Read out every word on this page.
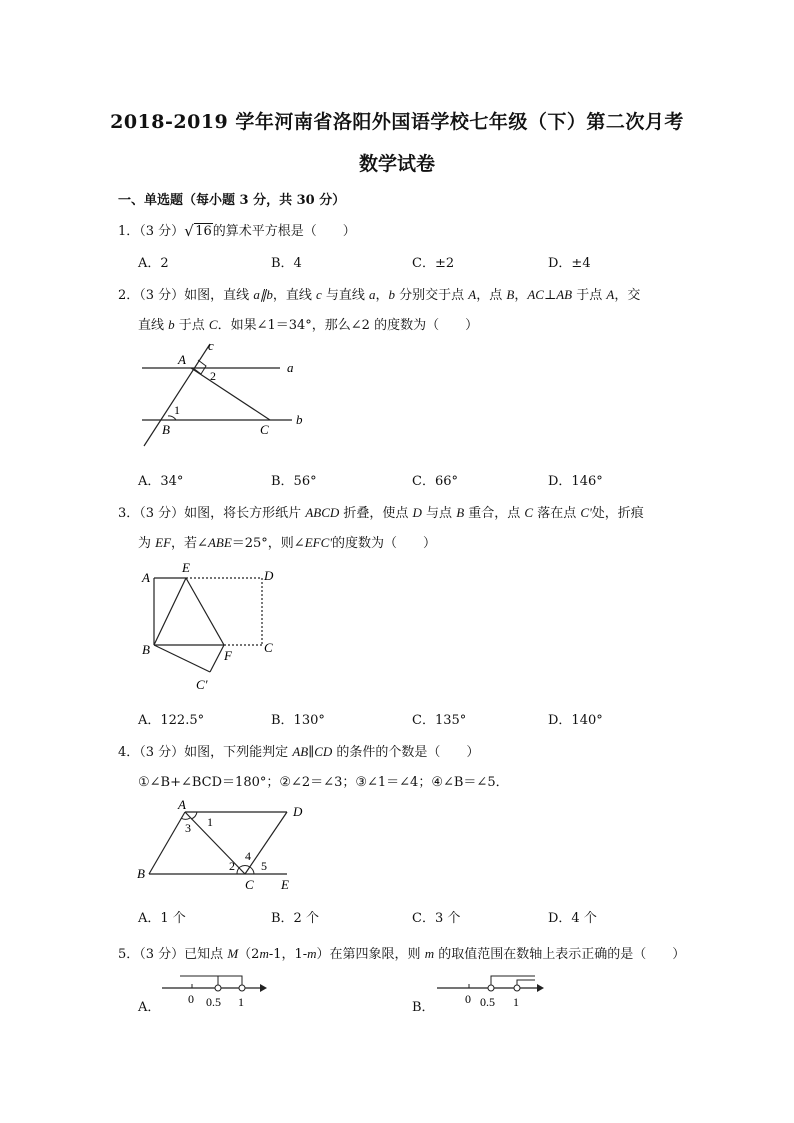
2018-2019 学年河南省洛阳外国语学校七年级（下）第二次月考
数学试卷
一、单选题（每小题 3 分，共 30 分）
1．（3 分） √ 16的算术平方根是（　　）
A．2	B．4	C．±2	D．±4
2．（3 分）如图，直线 a∥b，直线 c 与直线 a，b 分别交于点 A，点 B，AC⊥AB 于点 A，交
直线 b 于点 C．如果∠1＝34°，那么∠2 的度数为（　　）
A
2
c
a
1
B	C
b
A．34°	B．56°	C．66°	D．146°
3．（3 分）如图，将长方形纸片 ABCD 折叠，使点 D 与点 B 重合，点 C 落在点 C'处，折痕
为 EF，若∠ABE＝25°，则∠EFC'的度数为（　　）
A
E
D
B	F
C
C'
A．122.5°	B．130°	C．135°	D．140°
4．（3 分）如图，下列能判定 AB∥CD 的条件的个数是（　　）
①∠B+∠BCD＝180°；②∠2＝∠3；③∠1＝∠4；④∠B＝∠5．
A	D
1
3
2
4
5
B
C E
A．1 个	B．2 个	C．3 个	D．4 个
5．（3 分）已知点 M（2m-1，1-m）在第四象限，则 m 的取值范围在数轴上表示正确的是（　　）
A．
0 0.5 1	B．
0 0.5 1
